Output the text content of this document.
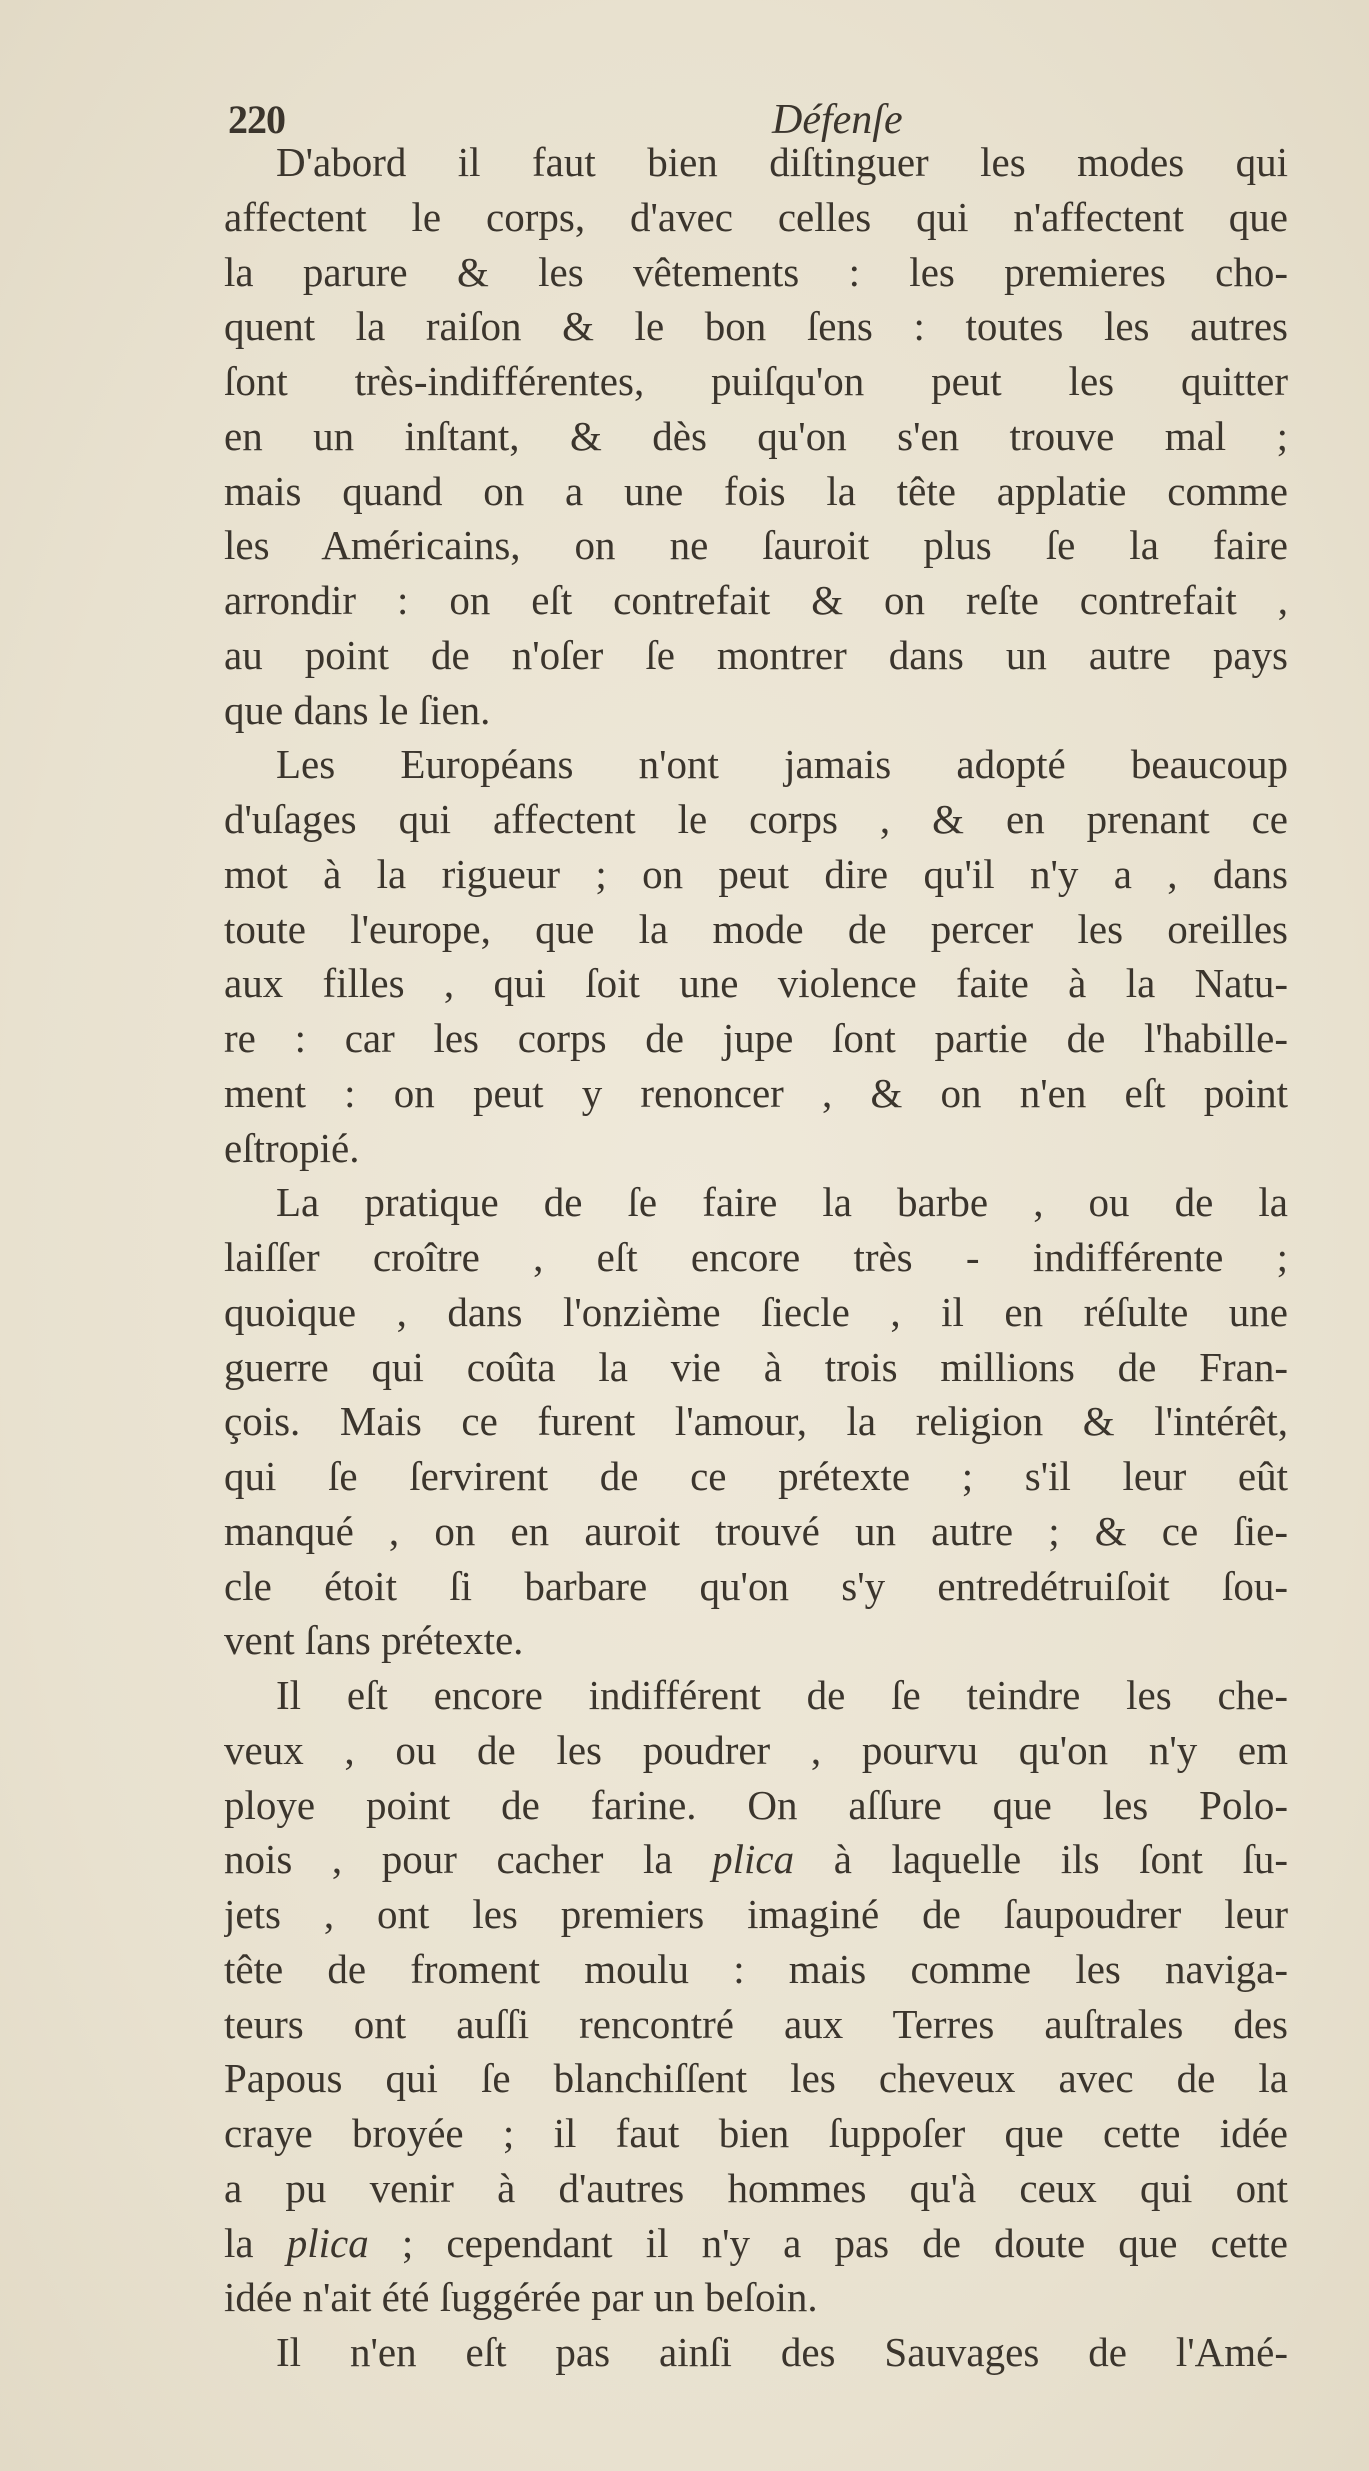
220	Défenſe
D'abord il faut bien diſtinguer les modes qui
affectent le corps, d'avec celles qui n'affectent que
la parure & les vêtements : les premieres cho-
quent la raiſon & le bon ſens : toutes les autres
ſont très-indifférentes, puiſqu'on peut les quitter
en un inſtant, & dès qu'on s'en trouve mal ;
mais quand on a une fois la tête applatie comme
les Américains, on ne ſauroit plus ſe la faire
arrondir : on eſt contrefait & on reſte contrefait ,
au point de n'oſer ſe montrer dans un autre pays
que dans le ſien.
Les Européans n'ont jamais adopté beaucoup
d'uſages qui affectent le corps , & en prenant ce
mot à la rigueur ; on peut dire qu'il n'y a , dans
toute l'europe, que la mode de percer les oreilles
aux filles , qui ſoit une violence faite à la Natu-
re : car les corps de jupe ſont partie de l'habille-
ment : on peut y renoncer , & on n'en eſt point
eſtropié.
La pratique de ſe faire la barbe , ou de la
laiſſer croître , eſt encore très - indifférente ;
quoique , dans l'onzième ſiecle , il en réſulte une
guerre qui coûta la vie à trois millions de Fran-
çois. Mais ce furent l'amour, la religion & l'intérêt,
qui ſe ſervirent de ce prétexte ; s'il leur eût
manqué , on en auroit trouvé un autre ; & ce ſie-
cle étoit ſi barbare qu'on s'y entredétruiſoit ſou-
vent ſans prétexte.
Il eſt encore indifférent de ſe teindre les che-
veux , ou de les poudrer , pourvu qu'on n'y em
ploye point de farine. On aſſure que les Polo-
nois , pour cacher la plica à laquelle ils ſont ſu-
jets , ont les premiers imaginé de ſaupoudrer leur
tête de froment moulu : mais comme les naviga-
teurs ont auſſi rencontré aux Terres auſtrales des
Papous qui ſe blanchiſſent les cheveux avec de la
craye broyée ; il faut bien ſuppoſer que cette idée
a pu venir à d'autres hommes qu'à ceux qui ont
la plica ; cependant il n'y a pas de doute que cette
idée n'ait été ſuggérée par un beſoin.
Il n'en eſt pas ainſi des Sauvages de l'Amé-
